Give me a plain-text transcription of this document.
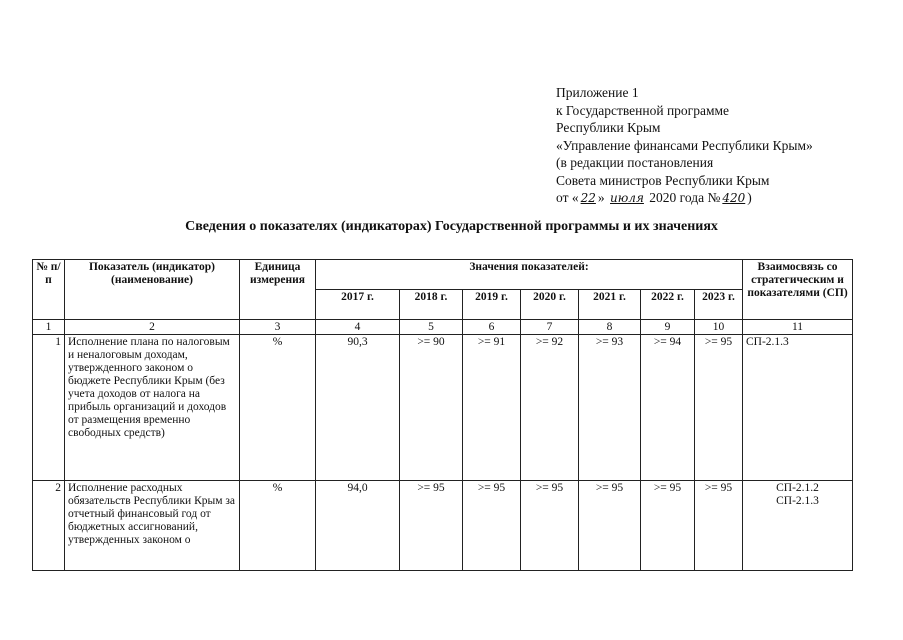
Приложение 1
к Государственной программе
Республики Крым
«Управление финансами Республики Крым»
(в редакции постановления
Совета министров Республики Крым
от « 22 » июля 2020 года № 420 )
Сведения о показателях (индикаторах) Государственной программы и их значениях
№ п/п	Показатель (индикатор) (наименование)	Единица измерения	Значения показателей:							Взаимосвязь со стратегическим и показателями (СП)
			2017 г.	2018 г.	2019 г.	2020 г.	2021 г.	2022 г.	2023 г.	
1	2	3	4	5	6	7	8	9	10	11
1	Исполнение плана по налоговым и неналоговым доходам, утвержденного законом о бюджете Республики Крым (без учета доходов от налога на прибыль организаций и доходов от размещения временно свободных средств)	%	90,3	>= 90	>= 91	>= 92	>= 93	>= 94	>= 95	СП-2.1.3

2	Исполнение расходных обязательств Республики Крым за отчетный финансовый год от бюджетных ассигнований, утвержденных законом о	%	94,0	>= 95	>= 95	>= 95	>= 95	>= 95	>= 95	СП-2.1.2
СП-2.1.3
